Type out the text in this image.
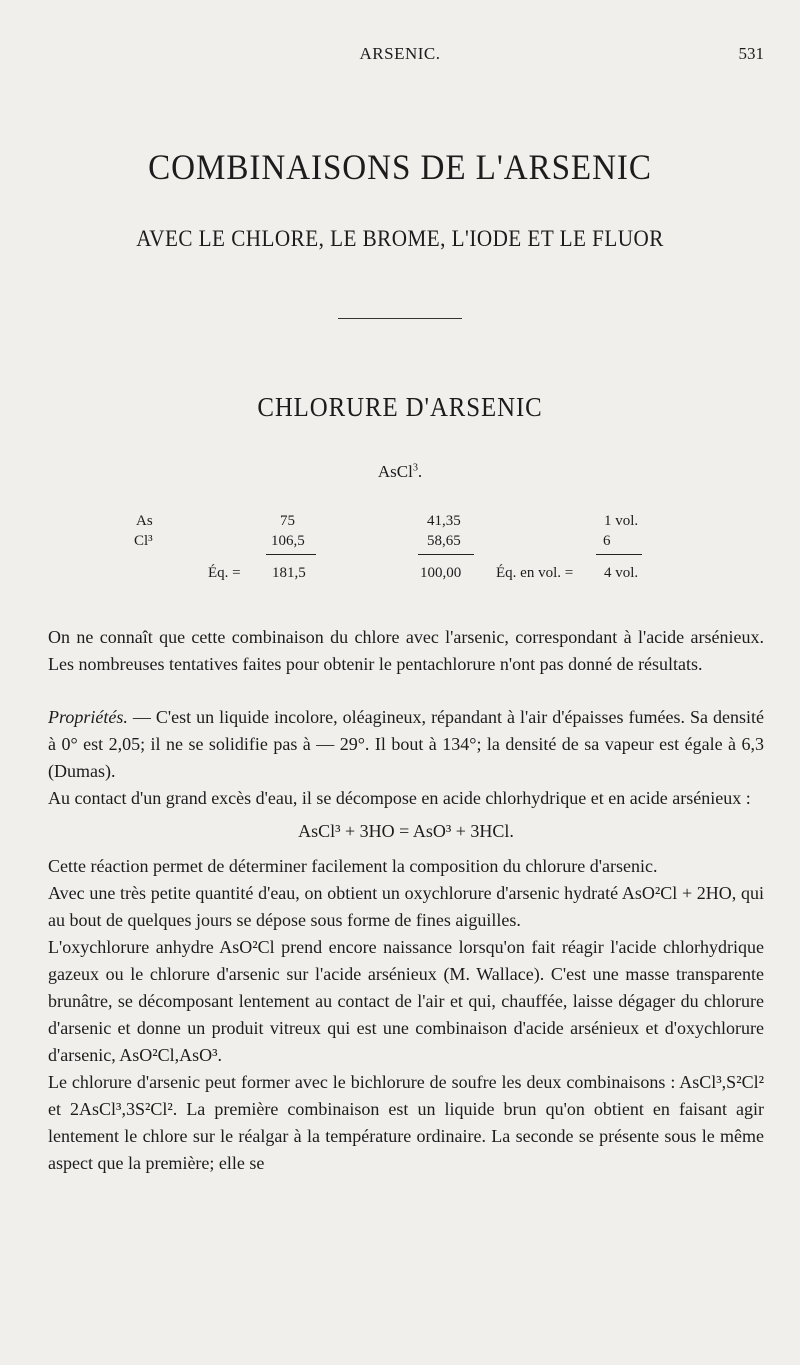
ARSENIC.	531
COMBINAISONS DE L'ARSENIC
AVEC LE CHLORE, LE BROME, L'IODE ET LE FLUOR
CHLORURE D'ARSENIC
AsCl$^3$.
As	75	41,35	1 vol.
Cl³	106,5	58,65	6
Éq. = 181,5	100,00 Éq. en vol. = 4 vol.

On ne connaît que cette combinaison du chlore avec l'arsenic, correspondant à l'acide arsénieux. Les nombreuses tentatives faites pour obtenir le pentachlorure n'ont pas donné de résultats.

Propriétés. — C'est un liquide incolore, oléagineux, répandant à l'air d'épaisses fumées. Sa densité à 0° est 2,05; il ne se solidifie pas à — 29°. Il bout à 134°; la densité de sa vapeur est égale à 6,3 (Dumas).

Au contact d'un grand excès d'eau, il se décompose en acide chlorhydrique et en acide arsénieux :

AsCl³ + 3HO = AsO³ + 3HCl.

Cette réaction permet de déterminer facilement la composition du chlorure d'arsenic.

Avec une très petite quantité d'eau, on obtient un oxychlorure d'arsenic hydraté AsO²Cl + 2HO, qui au bout de quelques jours se dépose sous forme de fines aiguilles.

L'oxychlorure anhydre AsO²Cl prend encore naissance lorsqu'on fait réagir l'acide chlorhydrique gazeux ou le chlorure d'arsenic sur l'acide arsénieux (M. Wallace). C'est une masse transparente brunâtre, se décomposant lentement au contact de l'air et qui, chauffée, laisse dégager du chlorure d'arsenic et donne un produit vitreux qui est une combinaison d'acide arsénieux et d'oxychlorure d'arsenic, AsO²Cl,AsO³.

Le chlorure d'arsenic peut former avec le bichlorure de soufre les deux combinaisons : AsCl³,S²Cl² et 2AsCl³,3S²Cl². La première combinaison est un liquide brun qu'on obtient en faisant agir lentement le chlore sur le réalgar à la température ordinaire. La seconde se présente sous le même aspect que la première; elle se
